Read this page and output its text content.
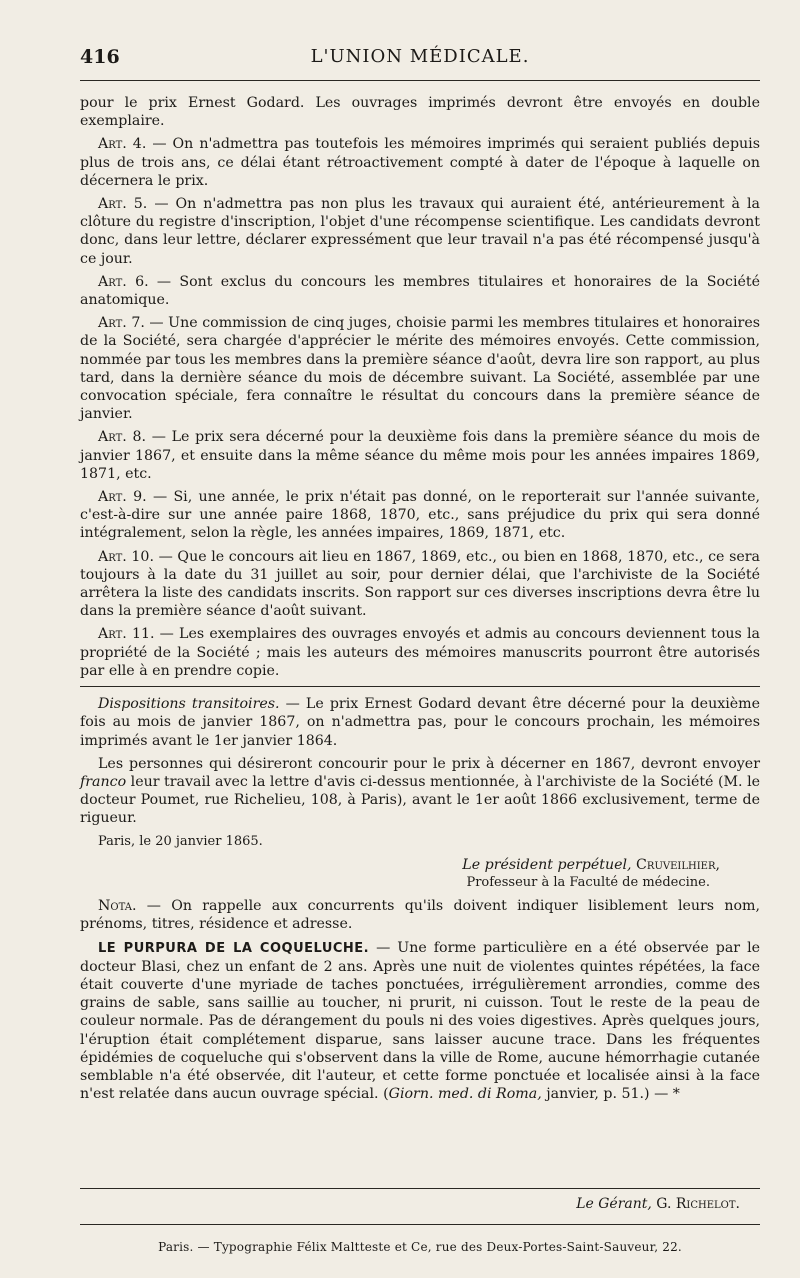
416	L'UNION MÉDICALE.

pour le prix Ernest Godard. Les ouvrages imprimés devront être envoyés en double exemplaire.

Art. 4. — On n'admettra pas toutefois les mémoires imprimés qui seraient publiés depuis plus de trois ans, ce délai étant rétroactivement compté à dater de l'époque à laquelle on décernera le prix.

Art. 5. — On n'admettra pas non plus les travaux qui auraient été, antérieurement à la clôture du registre d'inscription, l'objet d'une récompense scientifique. Les candidats devront donc, dans leur lettre, déclarer expressément que leur travail n'a pas été récompensé jusqu'à ce jour.

Art. 6. — Sont exclus du concours les membres titulaires et honoraires de la Société anatomique.

Art. 7. — Une commission de cinq juges, choisie parmi les membres titulaires et honoraires de la Société, sera chargée d'apprécier le mérite des mémoires envoyés. Cette commission, nommée par tous les membres dans la première séance d'août, devra lire son rapport, au plus tard, dans la dernière séance du mois de décembre suivant. La Société, assemblée par une convocation spéciale, fera connaître le résultat du concours dans la première séance de janvier.

Art. 8. — Le prix sera décerné pour la deuxième fois dans la première séance du mois de janvier 1867, et ensuite dans la même séance du même mois pour les années impaires 1869, 1871, etc.

Art. 9. — Si, une année, le prix n'était pas donné, on le reporterait sur l'année suivante, c'est-à-dire sur une année paire 1868, 1870, etc., sans préjudice du prix qui sera donné intégralement, selon la règle, les années impaires, 1869, 1871, etc.

Art. 10. — Que le concours ait lieu en 1867, 1869, etc., ou bien en 1868, 1870, etc., ce sera toujours à la date du 31 juillet au soir, pour dernier délai, que l'archiviste de la Société arrêtera la liste des candidats inscrits. Son rapport sur ces diverses inscriptions devra être lu dans la première séance d'août suivant.

Art. 11. — Les exemplaires des ouvrages envoyés et admis au concours deviennent tous la propriété de la Société ; mais les auteurs des mémoires manuscrits pourront être autorisés par elle à en prendre copie.

Dispositions transitoires. — Le prix Ernest Godard devant être décerné pour la deuxième fois au mois de janvier 1867, on n'admettra pas, pour le concours prochain, les mémoires imprimés avant le 1er janvier 1864.

Les personnes qui désireront concourir pour le prix à décerner en 1867, devront envoyer franco leur travail avec la lettre d'avis ci-dessus mentionnée, à l'archiviste de la Société (M. le docteur Poumet, rue Richelieu, 108, à Paris), avant le 1er août 1866 exclusivement, terme de rigueur.

Paris, le 20 janvier 1865.

Le président perpétuel, Cruveilhier,

Professeur à la Faculté de médecine.

Nota. — On rappelle aux concurrents qu'ils doivent indiquer lisiblement leurs nom, prénoms, titres, résidence et adresse.

LE PURPURA DE LA COQUELUCHE. — Une forme particulière en a été observée par le docteur Blasi, chez un enfant de 2 ans. Après une nuit de violentes quintes répétées, la face était couverte d'une myriade de taches ponctuées, irrégulièrement arrondies, comme des grains de sable, sans saillie au toucher, ni prurit, ni cuisson. Tout le reste de la peau de couleur normale. Pas de dérangement du pouls ni des voies digestives. Après quelques jours, l'éruption était complétement disparue, sans laisser aucune trace. Dans les fréquentes épidémies de coqueluche qui s'observent dans la ville de Rome, aucune hémorrhagie cutanée semblable n'a été observée, dit l'auteur, et cette forme ponctuée et localisée ainsi à la face n'est relatée dans aucun ouvrage spécial. (Giorn. med. di Roma, janvier, p. 51.) — *

Le Gérant, G. Richelot.
Paris. — Typographie Félix Maltteste et Ce, rue des Deux-Portes-Saint-Sauveur, 22.
